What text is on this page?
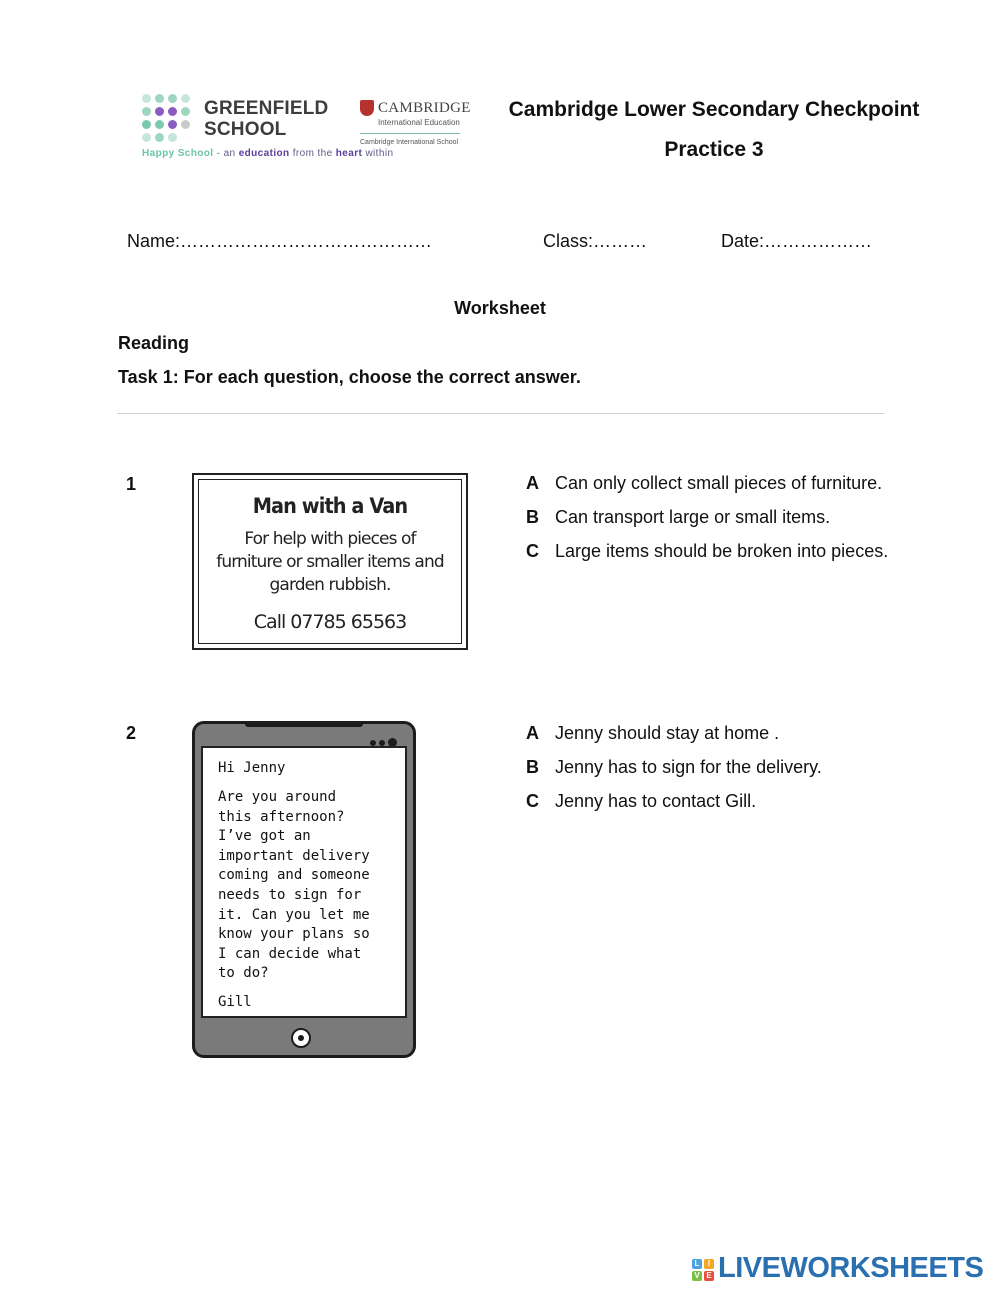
GREENFIELD
SCHOOL
CAMBRIDGE
International Education
Cambridge International School
Happy School - an education from the heart within
Cambridge Lower Secondary Checkpoint
Practice 3
Name:……………………………………	Class:………	Date:………………
Worksheet
Reading
Task 1: For each question, choose the correct answer.
1
Man with a Van
For help with pieces of furniture or smaller items and garden rubbish.
Call 07785 65563
A Can only collect small pieces of furniture.
B Can transport large or small items.
C Large items should be broken into pieces.
2
Hi Jenny
Are you around
this afternoon?
I’ve got an
important delivery
coming and someone
needs to sign for
it. Can you let me
know your plans so
I can decide what
to do?
Gill
A Jenny should stay at home .
B Jenny has to sign for the delivery.
C Jenny has to contact Gill.
L	I
V E LIVEWORKSHEETS
